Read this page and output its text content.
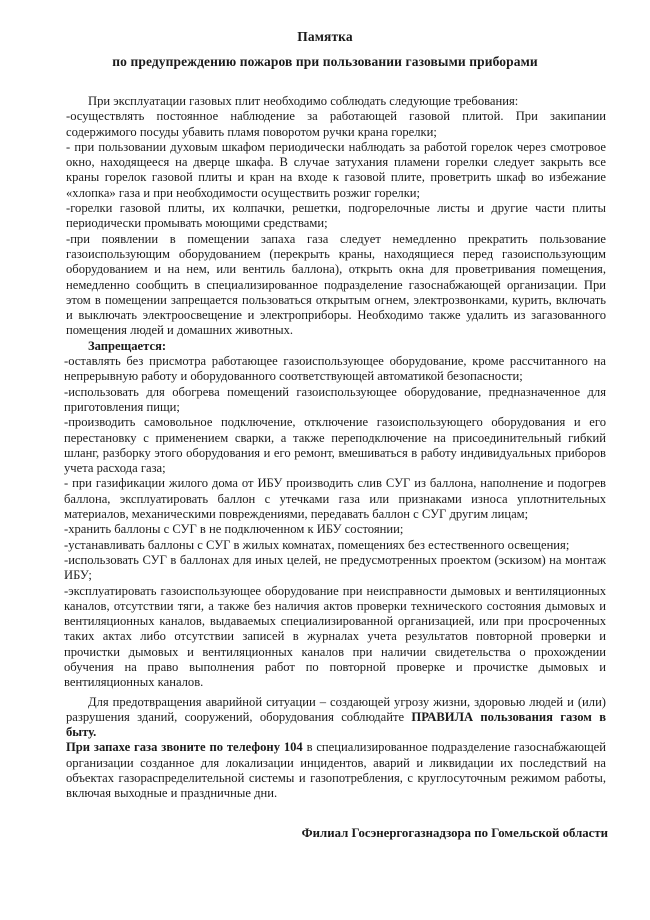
Памятка
по предупреждению пожаров при пользовании газовыми приборами

При эксплуатации газовых плит необходимо соблюдать следующие требования:

-осуществлять постоянное наблюдение за работающей газовой плитой. При закипании содержимого посуды убавить пламя поворотом ручки крана горелки;

- при пользовании духовым шкафом периодически наблюдать за работой горелок через смотровое окно, находящееся на дверце шкафа. В случае затухания пламени горелки следует закрыть все краны горелок газовой плиты и кран на входе к газовой плите, проветрить шкаф во избежание «хлопка» газа и при необходимости осуществить розжиг горелки;

-горелки газовой плиты, их колпачки, решетки, подгорелочные листы и другие части плиты периодически промывать моющими средствами;

-при появлении в помещении запаха газа следует немедленно прекратить пользование газоиспользующим оборудованием (перекрыть краны, находящиеся перед газоиспользующим оборудованием и на нем, или вентиль баллона), открыть окна для проветривания помещения, немедленно сообщить в специализированное подразделение газоснабжающей организации. При этом в помещении запрещается пользоваться открытым огнем, электрозвонками, курить, включать и выключать электроосвещение и электроприборы. Необходимо также удалить из загазованного помещения людей и домашних животных.

Запрещается:

-оставлять без присмотра работающее газоиспользующее оборудование, кроме рассчитанного на непрерывную работу и оборудованного соответствующей автоматикой безопасности;

-использовать для обогрева помещений газоиспользующее оборудование, предназначенное для приготовления пищи;

-производить самовольное подключение, отключение газоиспользующего оборудования и его перестановку с применением сварки, а также переподключение на присоединительный гибкий шланг, разборку этого оборудования и его ремонт, вмешиваться в работу индивидуальных приборов учета расхода газа;

- при газификации жилого дома от ИБУ производить слив СУГ из баллона, наполнение и подогрев баллона, эксплуатировать баллон с утечками газа или признаками износа уплотнительных материалов, механическими повреждениями, передавать баллон с СУГ другим лицам;

-хранить баллоны с СУГ в не подключенном к ИБУ состоянии;

-устанавливать баллоны с СУГ в жилых комнатах, помещениях без естественного освещения;

-использовать СУГ в баллонах для иных целей, не предусмотренных проектом (эскизом) на монтаж ИБУ;

-эксплуатировать газоиспользующее оборудование при неисправности дымовых и вентиляционных каналов, отсутствии тяги, а также без наличия актов проверки технического состояния дымовых и вентиляционных каналов, выдаваемых специализированной организацией, или при просроченных таких актах либо отсутствии записей в журналах учета результатов повторной проверки и прочистки дымовых и вентиляционных каналов при наличии свидетельства о прохождении обучения на право выполнения работ по повторной проверке и прочистке дымовых и вентиляционных каналов.

Для предотвращения аварийной ситуации – создающей угрозу жизни, здоровью людей и (или) разрушения зданий, сооружений, оборудования соблюдайте ПРАВИЛА пользования газом в быту.

При запахе газа звоните по телефону 104 в специализированное подразделение газоснабжающей организации созданное для локализации инцидентов, аварий и ликвидации их последствий на объектах газораспределительной системы и газопотребления, с круглосуточным режимом работы, включая выходные и праздничные дни.

Филиал Госэнергогазнадзора по Гомельской области
